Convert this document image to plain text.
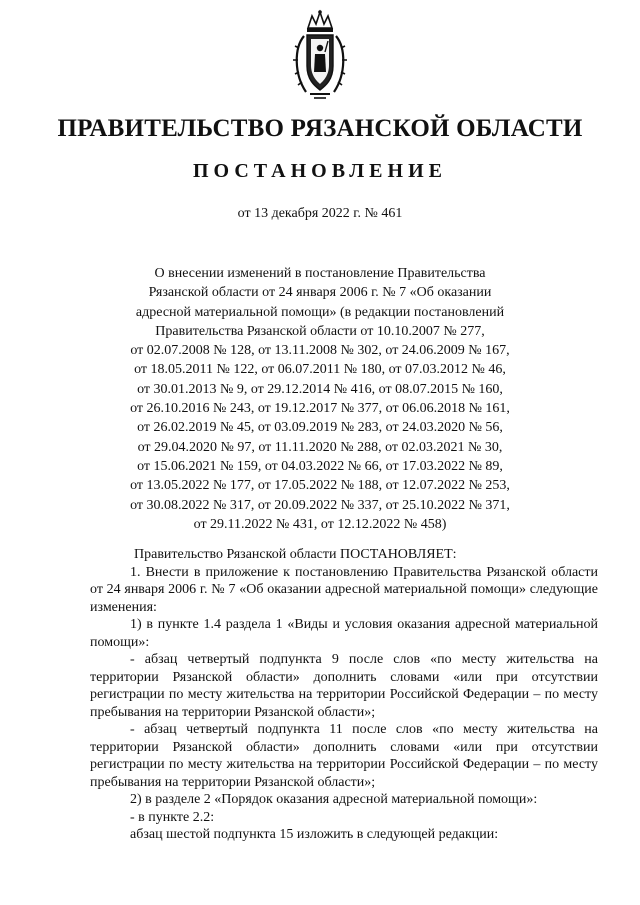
ПРАВИТЕЛЬСТВО РЯЗАНСКОЙ ОБЛАСТИ
ПОСТАНОВЛЕНИЕ
от 13 декабря 2022 г. № 461
О внесении изменений в постановление Правительства
Рязанской области от 24 января 2006 г. № 7 «Об оказании
адресной материальной помощи» (в редакции постановлений
Правительства Рязанской области от 10.10.2007 № 277,
от 02.07.2008 № 128, от 13.11.2008 № 302, от 24.06.2009 № 167,
от 18.05.2011 № 122, от 06.07.2011 № 180, от 07.03.2012 № 46,
от 30.01.2013 № 9, от 29.12.2014 № 416, от 08.07.2015 № 160,
от 26.10.2016 № 243, от 19.12.2017 № 377, от 06.06.2018 № 161,
от 26.02.2019 № 45, от 03.09.2019 № 283, от 24.03.2020 № 56,
от 29.04.2020 № 97, от 11.11.2020 № 288, от 02.03.2021 № 30,
от 15.06.2021 № 159, от 04.03.2022 № 66, от 17.03.2022 № 89,
от 13.05.2022 № 177, от 17.05.2022 № 188, от 12.07.2022 № 253,
от 30.08.2022 № 317, от 20.09.2022 № 337, от 25.10.2022 № 371,
от 29.11.2022 № 431, от 12.12.2022 № 458)

Правительство Рязанской области ПОСТАНОВЛЯЕТ:

1. Внести в приложение к постановлению Правительства Рязанской области от 24 января 2006 г. № 7 «Об оказании адресной материальной помощи» следующие изменения:

1) в пункте 1.4 раздела 1 «Виды и условия оказания адресной материальной помощи»:

- абзац четвертый подпункта 9 после слов «по месту жительства на территории Рязанской области» дополнить словами «или при отсутствии регистрации по месту жительства на территории Российской Федерации – по месту пребывания на территории Рязанской области»;

- абзац четвертый подпункта 11 после слов «по месту жительства на территории Рязанской области» дополнить словами «или при отсутствии регистрации по месту жительства на территории Российской Федерации – по месту пребывания на территории Рязанской области»;

2) в разделе 2 «Порядок оказания адресной материальной помощи»:

- в пункте 2.2:

абзац шестой подпункта 15 изложить в следующей редакции:
